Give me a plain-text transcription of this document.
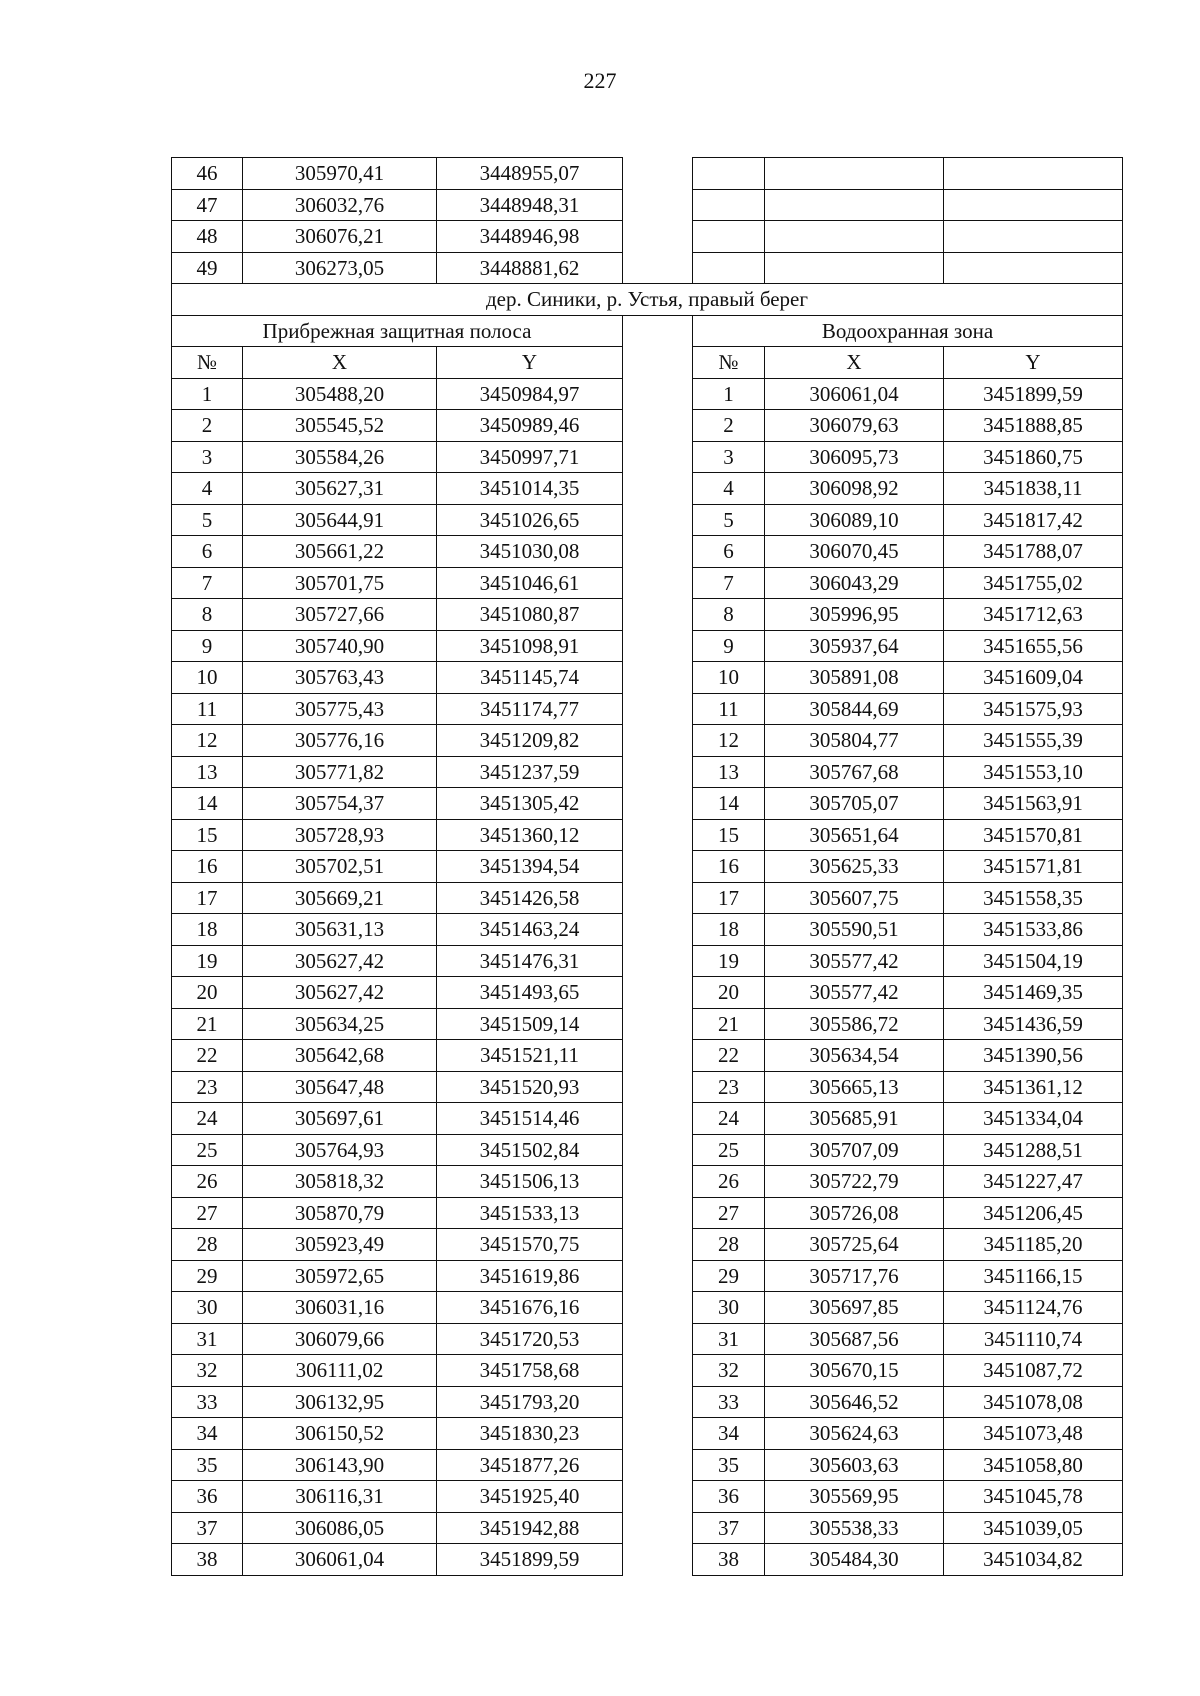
227
46	305970,41	3448955,07				
47	306032,76	3448948,31				
48	306076,21	3448946,98				
49	306273,05	3448881,62				
дер. Синики, р. Устья, правый берег						
Прибрежная защитная полоса				Водоохранная зона		
№	X	Y		№	X	Y
1	305488,20	3450984,97		1	306061,04	3451899,59
2	305545,52	3450989,46		2	306079,63	3451888,85
3	305584,26	3450997,71		3	306095,73	3451860,75
4	305627,31	3451014,35		4	306098,92	3451838,11
5	305644,91	3451026,65		5	306089,10	3451817,42
6	305661,22	3451030,08		6	306070,45	3451788,07
7	305701,75	3451046,61		7	306043,29	3451755,02
8	305727,66	3451080,87		8	305996,95	3451712,63
9	305740,90	3451098,91		9	305937,64	3451655,56
10	305763,43	3451145,74		10	305891,08	3451609,04
11	305775,43	3451174,77		11	305844,69	3451575,93
12	305776,16	3451209,82		12	305804,77	3451555,39
13	305771,82	3451237,59		13	305767,68	3451553,10
14	305754,37	3451305,42		14	305705,07	3451563,91
15	305728,93	3451360,12		15	305651,64	3451570,81
16	305702,51	3451394,54		16	305625,33	3451571,81
17	305669,21	3451426,58		17	305607,75	3451558,35
18	305631,13	3451463,24		18	305590,51	3451533,86
19	305627,42	3451476,31		19	305577,42	3451504,19
20	305627,42	3451493,65		20	305577,42	3451469,35
21	305634,25	3451509,14		21	305586,72	3451436,59
22	305642,68	3451521,11		22	305634,54	3451390,56
23	305647,48	3451520,93		23	305665,13	3451361,12
24	305697,61	3451514,46		24	305685,91	3451334,04
25	305764,93	3451502,84		25	305707,09	3451288,51
26	305818,32	3451506,13		26	305722,79	3451227,47
27	305870,79	3451533,13		27	305726,08	3451206,45
28	305923,49	3451570,75		28	305725,64	3451185,20
29	305972,65	3451619,86		29	305717,76	3451166,15
30	306031,16	3451676,16		30	305697,85	3451124,76
31	306079,66	3451720,53		31	305687,56	3451110,74
32	306111,02	3451758,68		32	305670,15	3451087,72
33	306132,95	3451793,20		33	305646,52	3451078,08
34	306150,52	3451830,23		34	305624,63	3451073,48
35	306143,90	3451877,26		35	305603,63	3451058,80
36	306116,31	3451925,40		36	305569,95	3451045,78
37	306086,05	3451942,88		37	305538,33	3451039,05
38	306061,04	3451899,59		38	305484,30	3451034,82
